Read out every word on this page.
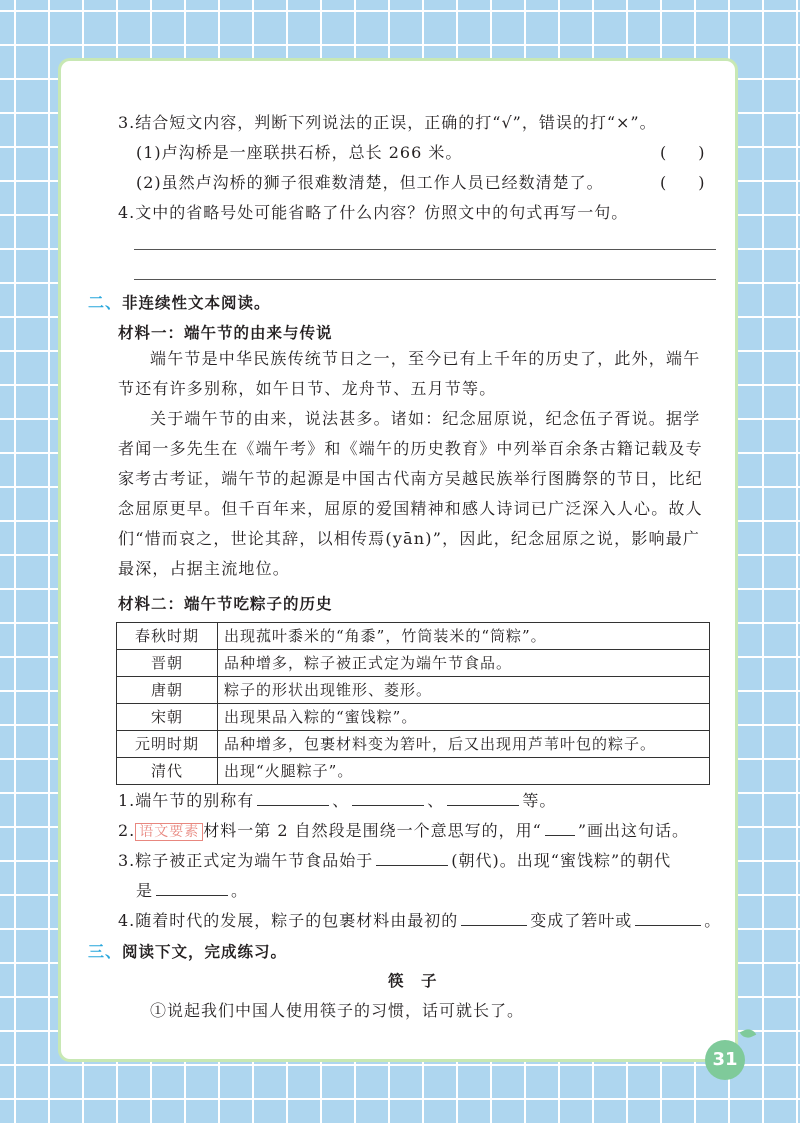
3.结合短文内容，判断下列说法的正误，正确的打“√”，错误的打“×”。
(1)卢沟桥是一座联拱石桥，总长 266 米。	(　　)
(2)虽然卢沟桥的狮子很难数清楚，但工作人员已经数清楚了。	(　　)
4.文中的省略号处可能省略了什么内容？仿照文中的句式再写一句。
二、非连续性文本阅读。
材料一：端午节的由来与传说

端午节是中华民族传统节日之一，至今已有上千年的历史了，此外，端午节还有许多别称，如午日节、龙舟节、五月节等。

关于端午节的由来，说法甚多。诸如：纪念屈原说，纪念伍子胥说。据学者闻一多先生在《端午考》和《端午的历史教育》中列举百余条古籍记载及专家考古考证，端午节的起源是中国古代南方吴越民族举行图腾祭的节日，比纪念屈原更早。但千百年来，屈原的爱国精神和感人诗词已广泛深入人心。故人们“惜而哀之，世论其辞，以相传焉(yān)”，因此，纪念屈原之说，影响最广最深，占据主流地位。

材料二：端午节吃粽子的历史
春秋时期	出现菰叶黍米的“角黍”，竹筒装米的“筒粽”。
晋朝	品种增多，粽子被正式定为端午节食品。
唐朝	粽子的形状出现锥形、菱形。
宋朝	出现果品入粽的“蜜饯粽”。
元明时期	品种增多，包裹材料变为箬叶，后又出现用芦苇叶包的粽子。
清代	出现“火腿粽子”。
1.端午节的别称有	、	、	等。
2. 语文要素 材料一第 2 自然段是围绕一个意思写的，用“ ”画出这句话。
3.粽子被正式定为端午节食品始于	(朝代)。出现“蜜饯粽”的朝代
是	。
4.随着时代的发展，粽子的包裹材料由最初的	变成了箬叶或	。
三、阅读下文，完成练习。
筷　子
①说起我们中国人使用筷子的习惯，话可就长了。
31
